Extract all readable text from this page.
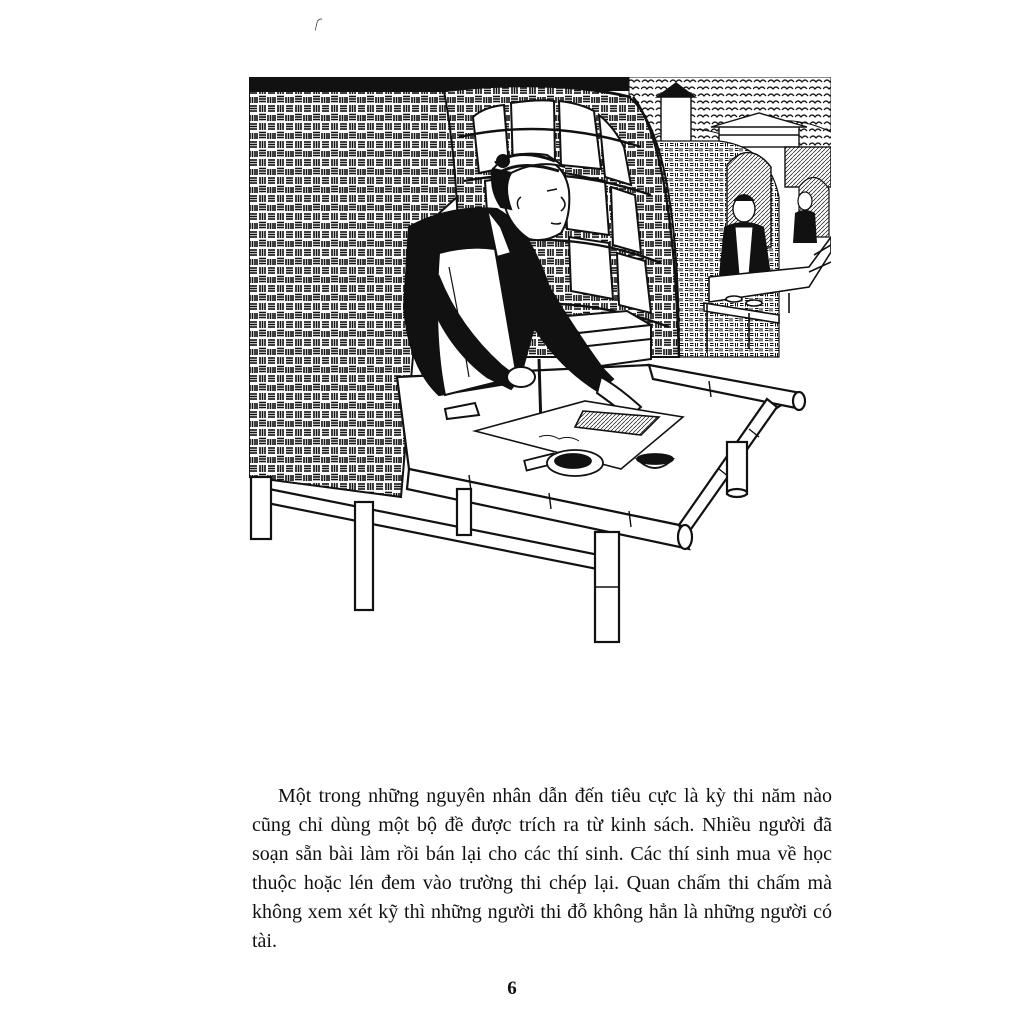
Một trong những nguyên nhân dẫn đến tiêu cực là kỳ thi năm nào cũng chỉ dùng một bộ đề được trích ra từ kinh sách. Nhiều người đã soạn sẵn bài làm rồi bán lại cho các thí sinh. Các thí sinh mua về học thuộc hoặc lén đem vào trường thi chép lại. Quan chấm thi chấm mà không xem xét kỹ thì những người thi đỗ không hẳn là những người có tài.

6
